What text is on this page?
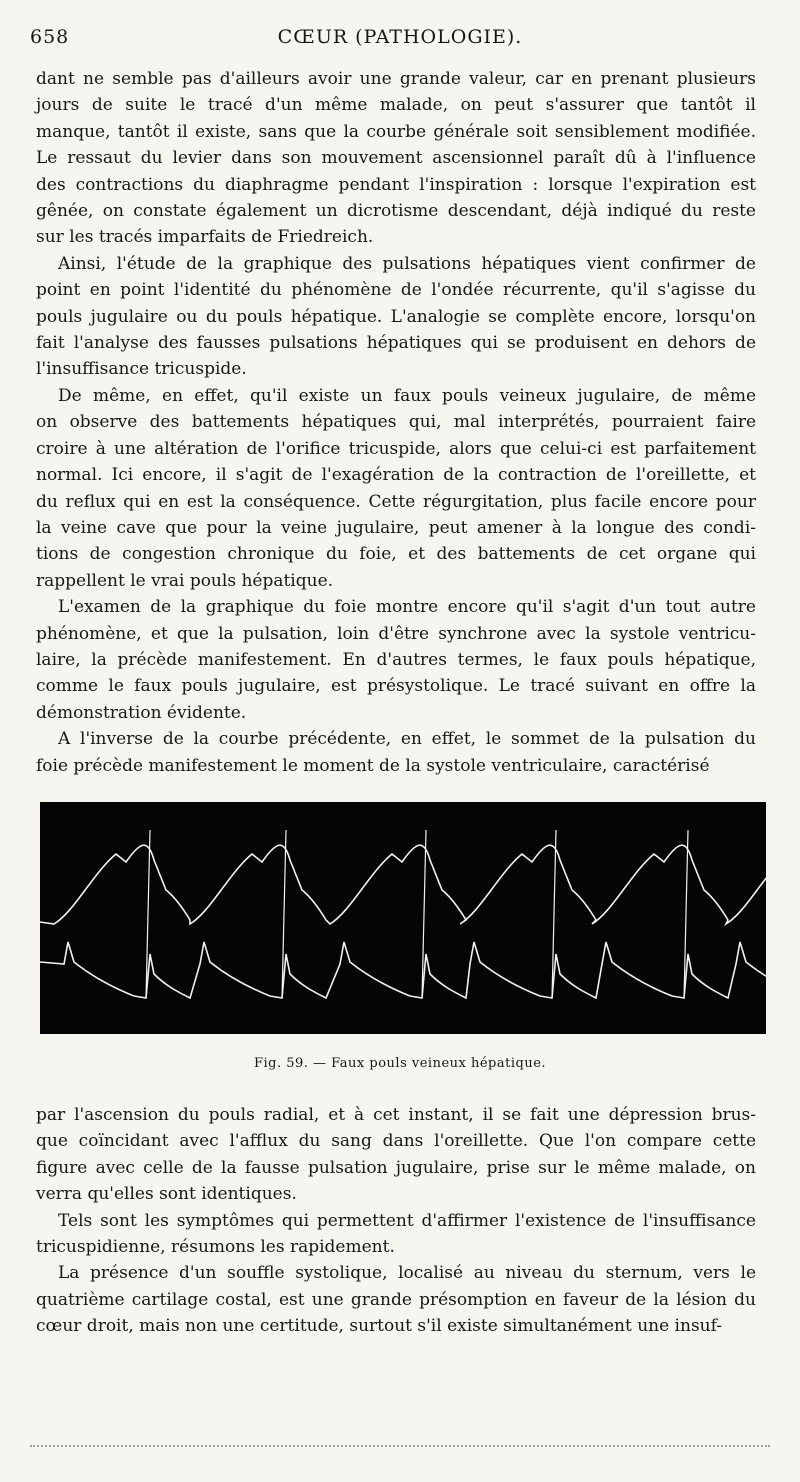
658	CŒUR (PATHOLOGIE).

dant ne semble pas d'ailleurs avoir une grande valeur, car en prenant plusieurs
jours de suite le tracé d'un même malade, on peut s'assurer que tantôt il
manque, tantôt il existe, sans que la courbe générale soit sensiblement modifiée.
Le ressaut du levier dans son mouvement ascensionnel paraît dû à l'influence
des contractions du diaphragme pendant l'inspiration : lorsque l'expiration est
gênée, on constate également un dicrotisme descendant, déjà indiqué du reste
sur les tracés imparfaits de Friedreich.

Ainsi, l'étude de la graphique des pulsations hépatiques vient confirmer de
point en point l'identité du phénomène de l'ondée récurrente, qu'il s'agisse du
pouls jugulaire ou du pouls hépatique. L'analogie se complète encore, lorsqu'on
fait l'analyse des fausses pulsations hépatiques qui se produisent en dehors de
l'insuffisance tricuspide.

De même, en effet, qu'il existe un faux pouls veineux jugulaire, de même
on observe des battements hépatiques qui, mal interprétés, pourraient faire
croire à une altération de l'orifice tricuspide, alors que celui-ci est parfaitement
normal. Ici encore, il s'agit de l'exagération de la contraction de l'oreillette, et
du reflux qui en est la conséquence. Cette régurgitation, plus facile encore pour
la veine cave que pour la veine jugulaire, peut amener à la longue des condi-
tions de congestion chronique du foie, et des battements de cet organe qui
rappellent le vrai pouls hépatique.

L'examen de la graphique du foie montre encore qu'il s'agit d'un tout autre
phénomène, et que la pulsation, loin d'être synchrone avec la systole ventricu-
laire, la précède manifestement. En d'autres termes, le faux pouls hépatique,
comme le faux pouls jugulaire, est présystolique. Le tracé suivant en offre la
démonstration évidente.

A l'inverse de la courbe précédente, en effet, le sommet de la pulsation du
foie précède manifestement le moment de la systole ventriculaire, caractérisé

Fig. 59. — Faux pouls veineux hépatique.

par l'ascension du pouls radial, et à cet instant, il se fait une dépression brus-
que coïncidant avec l'afflux du sang dans l'oreillette. Que l'on compare cette
figure avec celle de la fausse pulsation jugulaire, prise sur le même malade, on
verra qu'elles sont identiques.

Tels sont les symptômes qui permettent d'affirmer l'existence de l'insuffisance
tricuspidienne, résumons les rapidement.

La présence d'un souffle systolique, localisé au niveau du sternum, vers le
quatrième cartilage costal, est une grande présomption en faveur de la lésion du
cœur droit, mais non une certitude, surtout s'il existe simultanément une insuf-
